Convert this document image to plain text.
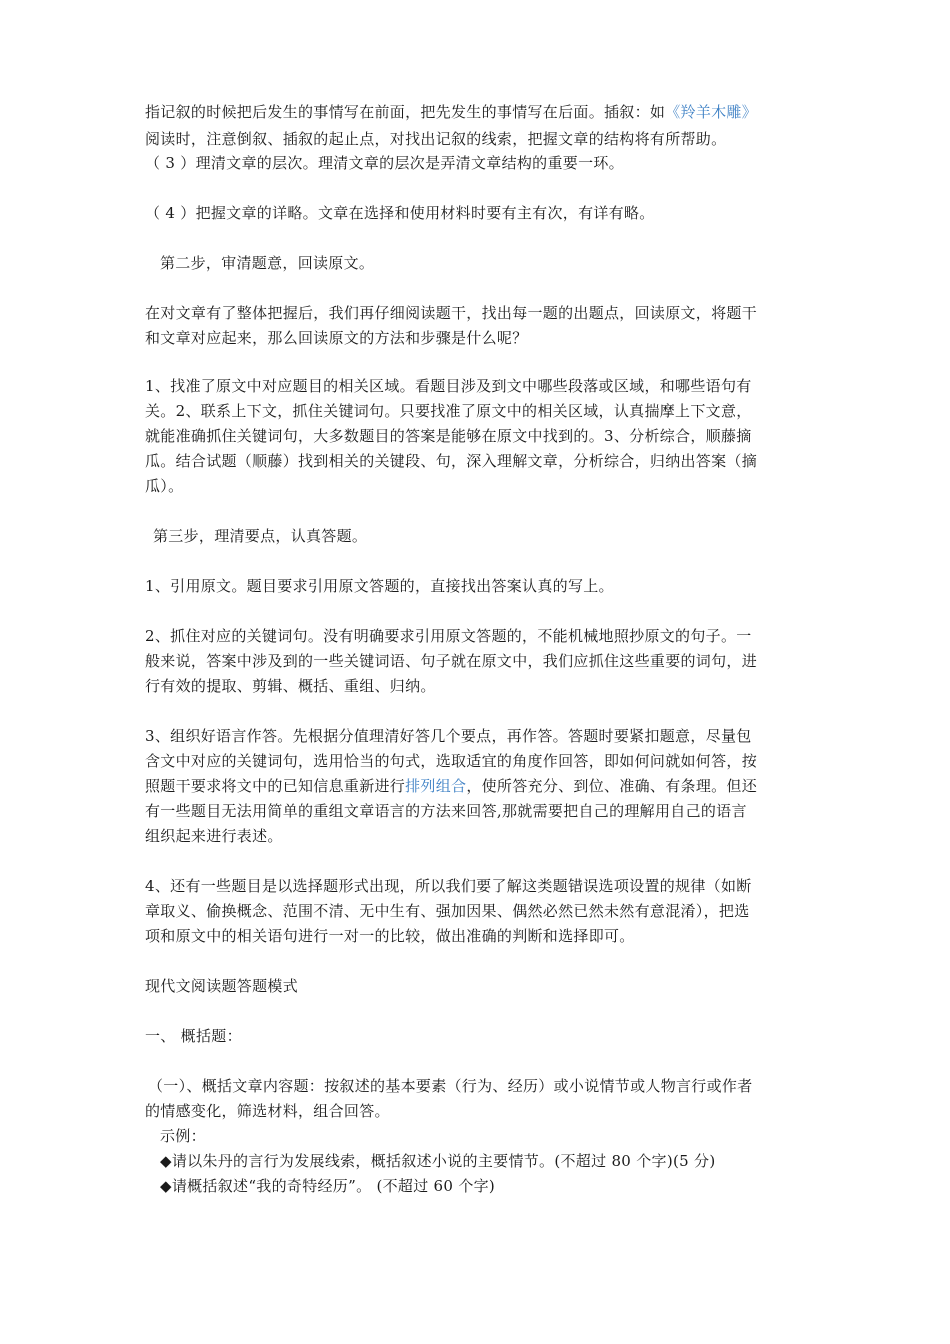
指记叙的时候把后发生的事情写在前面，把先发生的事情写在后面。插叙：如《羚羊木雕》
阅读时，注意倒叙、插叙的起止点，对找出记叙的线索，把握文章的结构将有所帮助。
（ 3 ）理清文章的层次。理清文章的层次是弄清文章结构的重要一环。
（ 4 ）把握文章的详略。文章在选择和使用材料时要有主有次，有详有略。
第二步，审清题意，回读原文。
在对文章有了整体把握后，我们再仔细阅读题干，找出每一题的出题点，回读原文，将题干
和文章对应起来，那么回读原文的方法和步骤是什么呢？
1、找准了原文中对应题目的相关区域。看题目涉及到文中哪些段落或区域，和哪些语句有
关。2、联系上下文，抓住关键词句。只要找准了原文中的相关区域，认真揣摩上下文意，
就能准确抓住关键词句，大多数题目的答案是能够在原文中找到的。3、分析综合，顺藤摘
瓜。结合试题（顺藤）找到相关的关键段、句，深入理解文章，分析综合，归纳出答案（摘
瓜）。
第三步，理清要点，认真答题。
1、引用原文。题目要求引用原文答题的，直接找出答案认真的写上。
2、抓住对应的关键词句。没有明确要求引用原文答题的，不能机械地照抄原文的句子。一
般来说，答案中涉及到的一些关键词语、句子就在原文中，我们应抓住这些重要的词句，进
行有效的提取、剪辑、概括、重组、归纳。
3、组织好语言作答。先根据分值理清好答几个要点，再作答。答题时要紧扣题意，尽量包
含文中对应的关键词句，选用恰当的句式，选取适宜的角度作回答，即如何问就如何答，按
照题干要求将文中的已知信息重新进行排列组合，使所答充分、到位、准确、有条理。但还
有一些题目无法用简单的重组文章语言的方法来回答,那就需要把自己的理解用自己的语言
组织起来进行表述。
4、还有一些题目是以选择题形式出现，所以我们要了解这类题错误选项设置的规律（如断
章取义、偷换概念、范围不清、无中生有、强加因果、偶然必然已然未然有意混淆），把选
项和原文中的相关语句进行一对一的比较，做出准确的判断和选择即可。
现代文阅读题答题模式
一、 概括题：
（一）、概括文章内容题：按叙述的基本要素（行为、经历）或小说情节或人物言行或作者
的情感变化，筛选材料，组合回答。
示例：
◆请以朱丹的言行为发展线索，概括叙述小说的主要情节。(不超过 80 个字)(5 分)
◆请概括叙述“我的奇特经历”。 (不超过 60 个字)
